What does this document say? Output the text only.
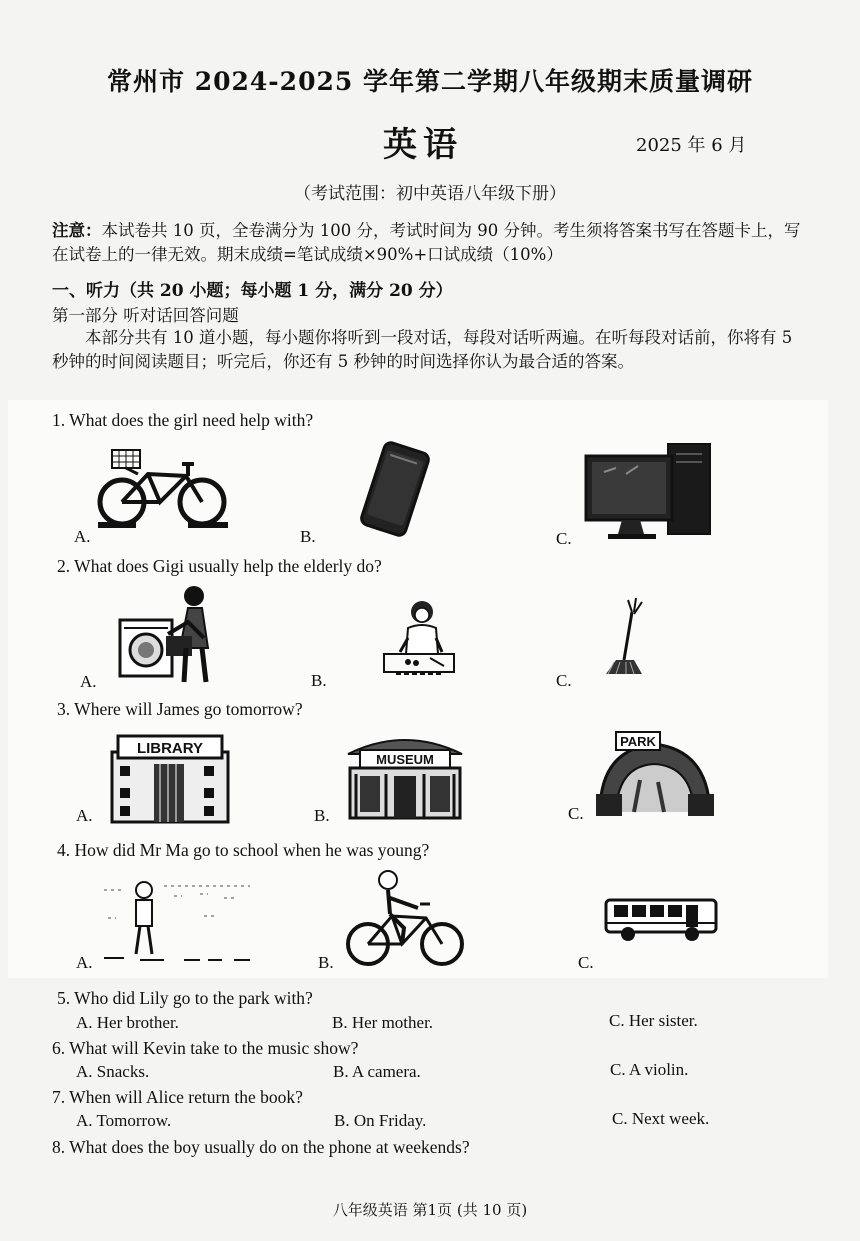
常州市 2024-2025 学年第二学期八年级期末质量调研
英语	2025 年 6 月
（考试范围：初中英语八年级下册）
注意：本试卷共 10 页，全卷满分为 100 分，考试时间为 90 分钟。考生须将答案书写在答题卡上，写在试卷上的一律无效。期末成绩=笔试成绩×90%+口试成绩（10%）
一、听力（共 20 小题；每小题 1 分，满分 20 分）
第一部分 听对话回答问题
本部分共有 10 道小题，每小题你将听到一段对话，每段对话听两遍。在听每段对话前，你将有 5 秒钟的时间阅读题目；听完后，你还有 5 秒钟的时间选择你认为最合适的答案。
1. What does the girl need help with?
A.	B.	C.
2. What does Gigi usually help the elderly do?
A.	B.	C.
3. Where will James go tomorrow?
A.	B.	C.
LIBRARY
MUSEUM
PARK
4. How did Mr Ma go to school when he was young?
A.	B.	C.
5. Who did Lily go to the park with?
A. Her brother.	B. Her mother.	C. Her sister.
6. What will Kevin take to the music show?
A. Snacks.	B. A camera.	C. A violin.
7. When will Alice return the book?
A. Tomorrow.	B. On Friday.	C. Next week.
8. What does the boy usually do on the phone at weekends?
八年级英语 第1页 (共 10 页)
